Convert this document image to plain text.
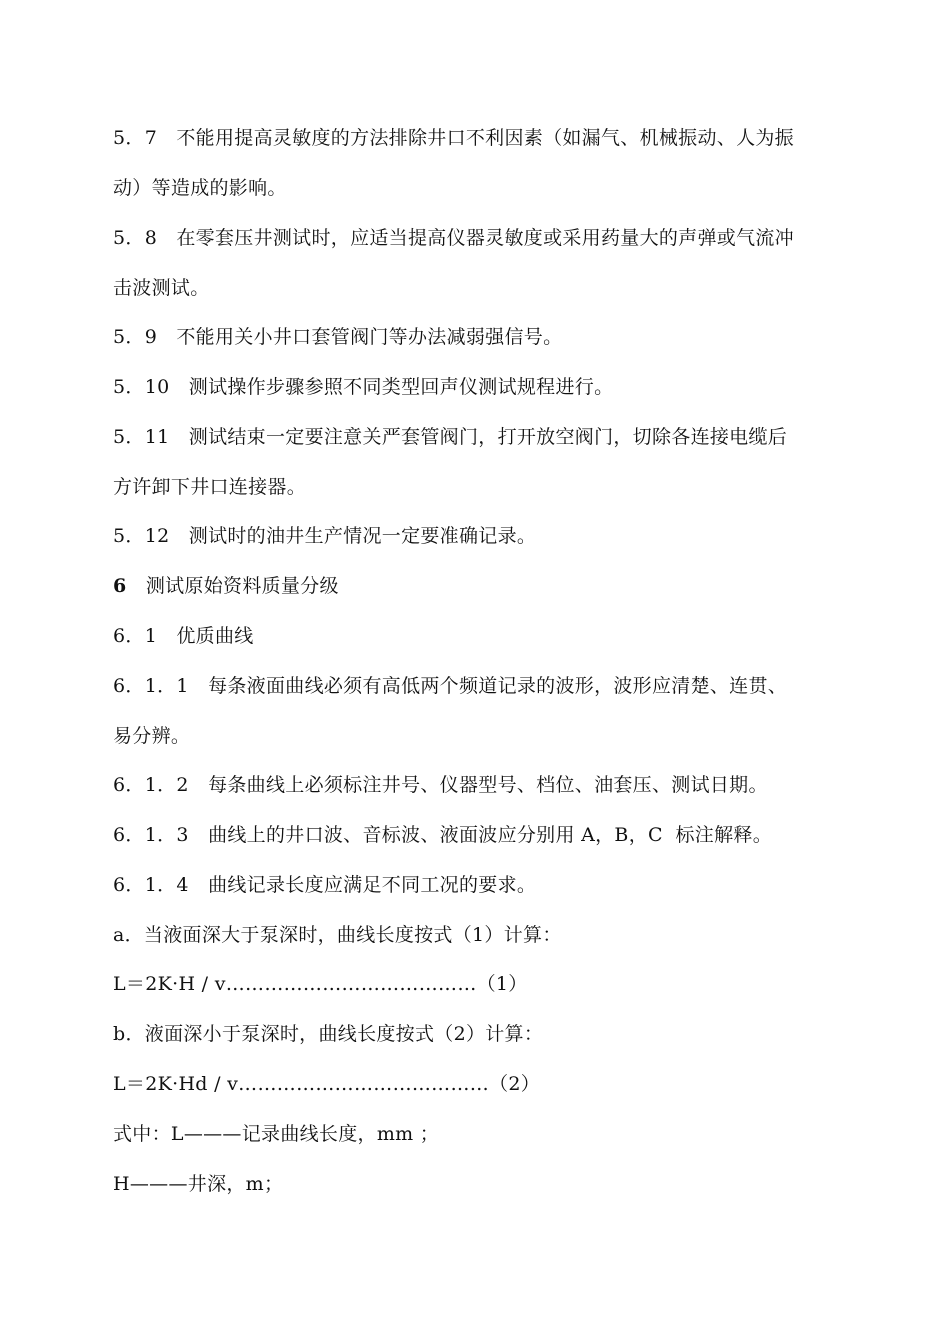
5．7　不能用提高灵敏度的方法排除井口不利因素（如漏气、机械振动、人为振
动）等造成的影响。
5．8　在零套压井测试时，应适当提高仪器灵敏度或采用药量大的声弹或气流冲
击波测试。
5．9　不能用关小井口套管阀门等办法减弱强信号。
5．10　测试操作步骤参照不同类型回声仪测试规程进行。
5．11　测试结束一定要注意关严套管阀门，打开放空阀门，切除各连接电缆后
方许卸下井口连接器。
5．12　测试时的油井生产情况一定要准确记录。
6　测试原始资料质量分级
6．1　优质曲线
6．1．1　每条液面曲线必须有高低两个频道记录的波形，波形应清楚、连贯、
易分辨。
6．1．2　每条曲线上必须标注井号、仪器型号、档位、油套压、测试日期。
6．1．3　曲线上的井口波、音标波、液面波应分别用 A，B，C  标注解释。
6．1．4　曲线记录长度应满足不同工况的要求。
a．当液面深大于泵深时，曲线长度按式（1）计算：
L＝2K·H / v…………………………………（1）
b．液面深小于泵深时，曲线长度按式（2）计算：
L＝2K·Hd / v…………………………………（2）
式中：L———记录曲线长度，mm ；
H———井深，m；
